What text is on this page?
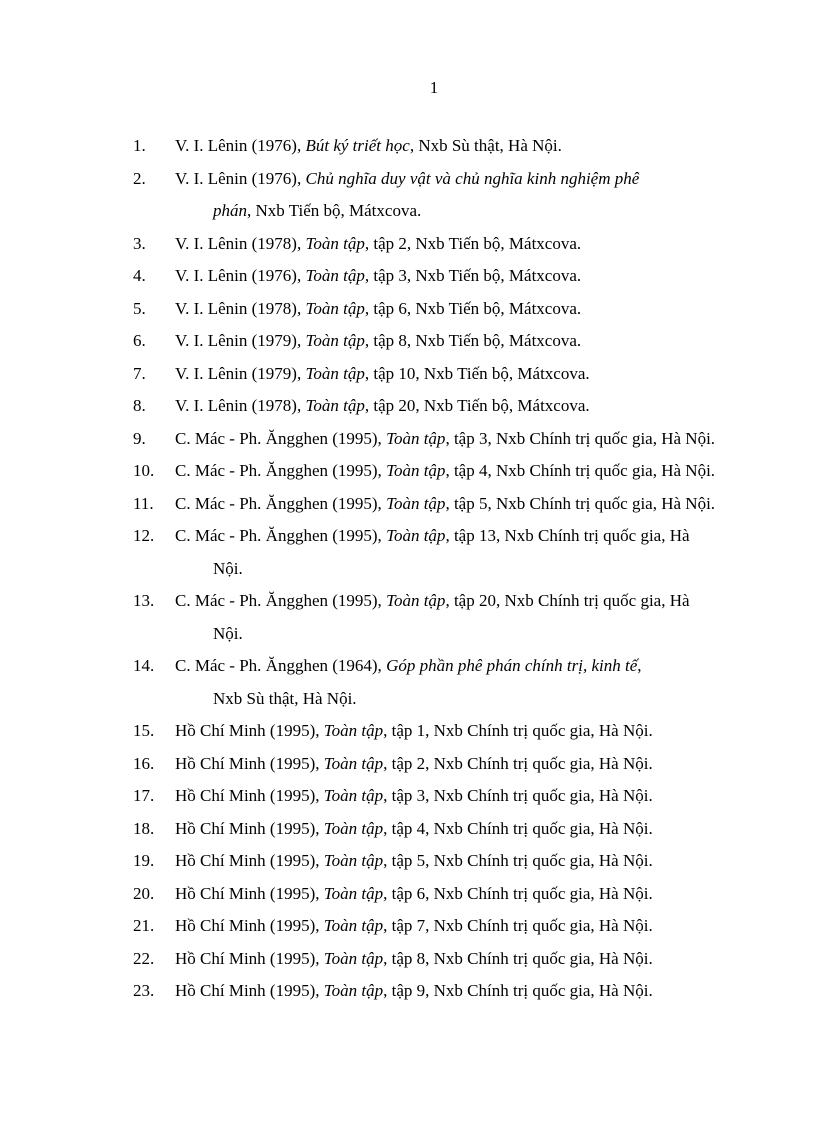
1
1.	V. I. Lênin (1976), Bút ký triết học, Nxb Sù thật, Hà Nội.
2.	V. I. Lênin (1976), Chủ nghĩa duy vật và chủ nghĩa kinh nghiệm phê
phán, Nxb Tiến bộ, Mátxcova.
3.	V. I. Lênin (1978), Toàn tập, tập 2, Nxb Tiến bộ, Mátxcova.
4.	V. I. Lênin (1976), Toàn tập, tập 3, Nxb Tiến bộ, Mátxcova.
5.	V. I. Lênin (1978), Toàn tập, tập 6, Nxb Tiến bộ, Mátxcova.
6.	V. I. Lênin (1979), Toàn tập, tập 8, Nxb Tiến bộ, Mátxcova.
7.	V. I. Lênin (1979), Toàn tập, tập 10, Nxb Tiến bộ, Mátxcova.
8.	V. I. Lênin (1978), Toàn tập, tập 20, Nxb Tiến bộ, Mátxcova.
9.	C. Mác - Ph. Ăngghen (1995), Toàn tập, tập 3, Nxb Chính trị quốc gia, Hà Nội.
10.	C. Mác - Ph. Ăngghen (1995), Toàn tập, tập 4, Nxb Chính trị quốc gia, Hà Nội.
11.	C. Mác - Ph. Ăngghen (1995), Toàn tập, tập 5, Nxb Chính trị quốc gia, Hà Nội.
12.	C. Mác - Ph. Ăngghen (1995), Toàn tập, tập 13, Nxb Chính trị quốc gia, Hà
Nội.
13.	C. Mác - Ph. Ăngghen (1995), Toàn tập, tập 20, Nxb Chính trị quốc gia, Hà
Nội.
14.	C. Mác - Ph. Ăngghen (1964), Góp phần phê phán chính trị, kinh tế,
Nxb Sù thật, Hà Nội.
15.	Hồ Chí Minh (1995), Toàn tập, tập 1, Nxb Chính trị quốc gia, Hà Nội.
16.	Hồ Chí Minh (1995), Toàn tập, tập 2, Nxb Chính trị quốc gia, Hà Nội.
17.	Hồ Chí Minh (1995), Toàn tập, tập 3, Nxb Chính trị quốc gia, Hà Nội.
18.	Hồ Chí Minh (1995), Toàn tập, tập 4, Nxb Chính trị quốc gia, Hà Nội.
19.	Hồ Chí Minh (1995), Toàn tập, tập 5, Nxb Chính trị quốc gia, Hà Nội.
20.	Hồ Chí Minh (1995), Toàn tập, tập 6, Nxb Chính trị quốc gia, Hà Nội.
21.	Hồ Chí Minh (1995), Toàn tập, tập 7, Nxb Chính trị quốc gia, Hà Nội.
22.	Hồ Chí Minh (1995), Toàn tập, tập 8, Nxb Chính trị quốc gia, Hà Nội.
23.	Hồ Chí Minh (1995), Toàn tập, tập 9, Nxb Chính trị quốc gia, Hà Nội.
